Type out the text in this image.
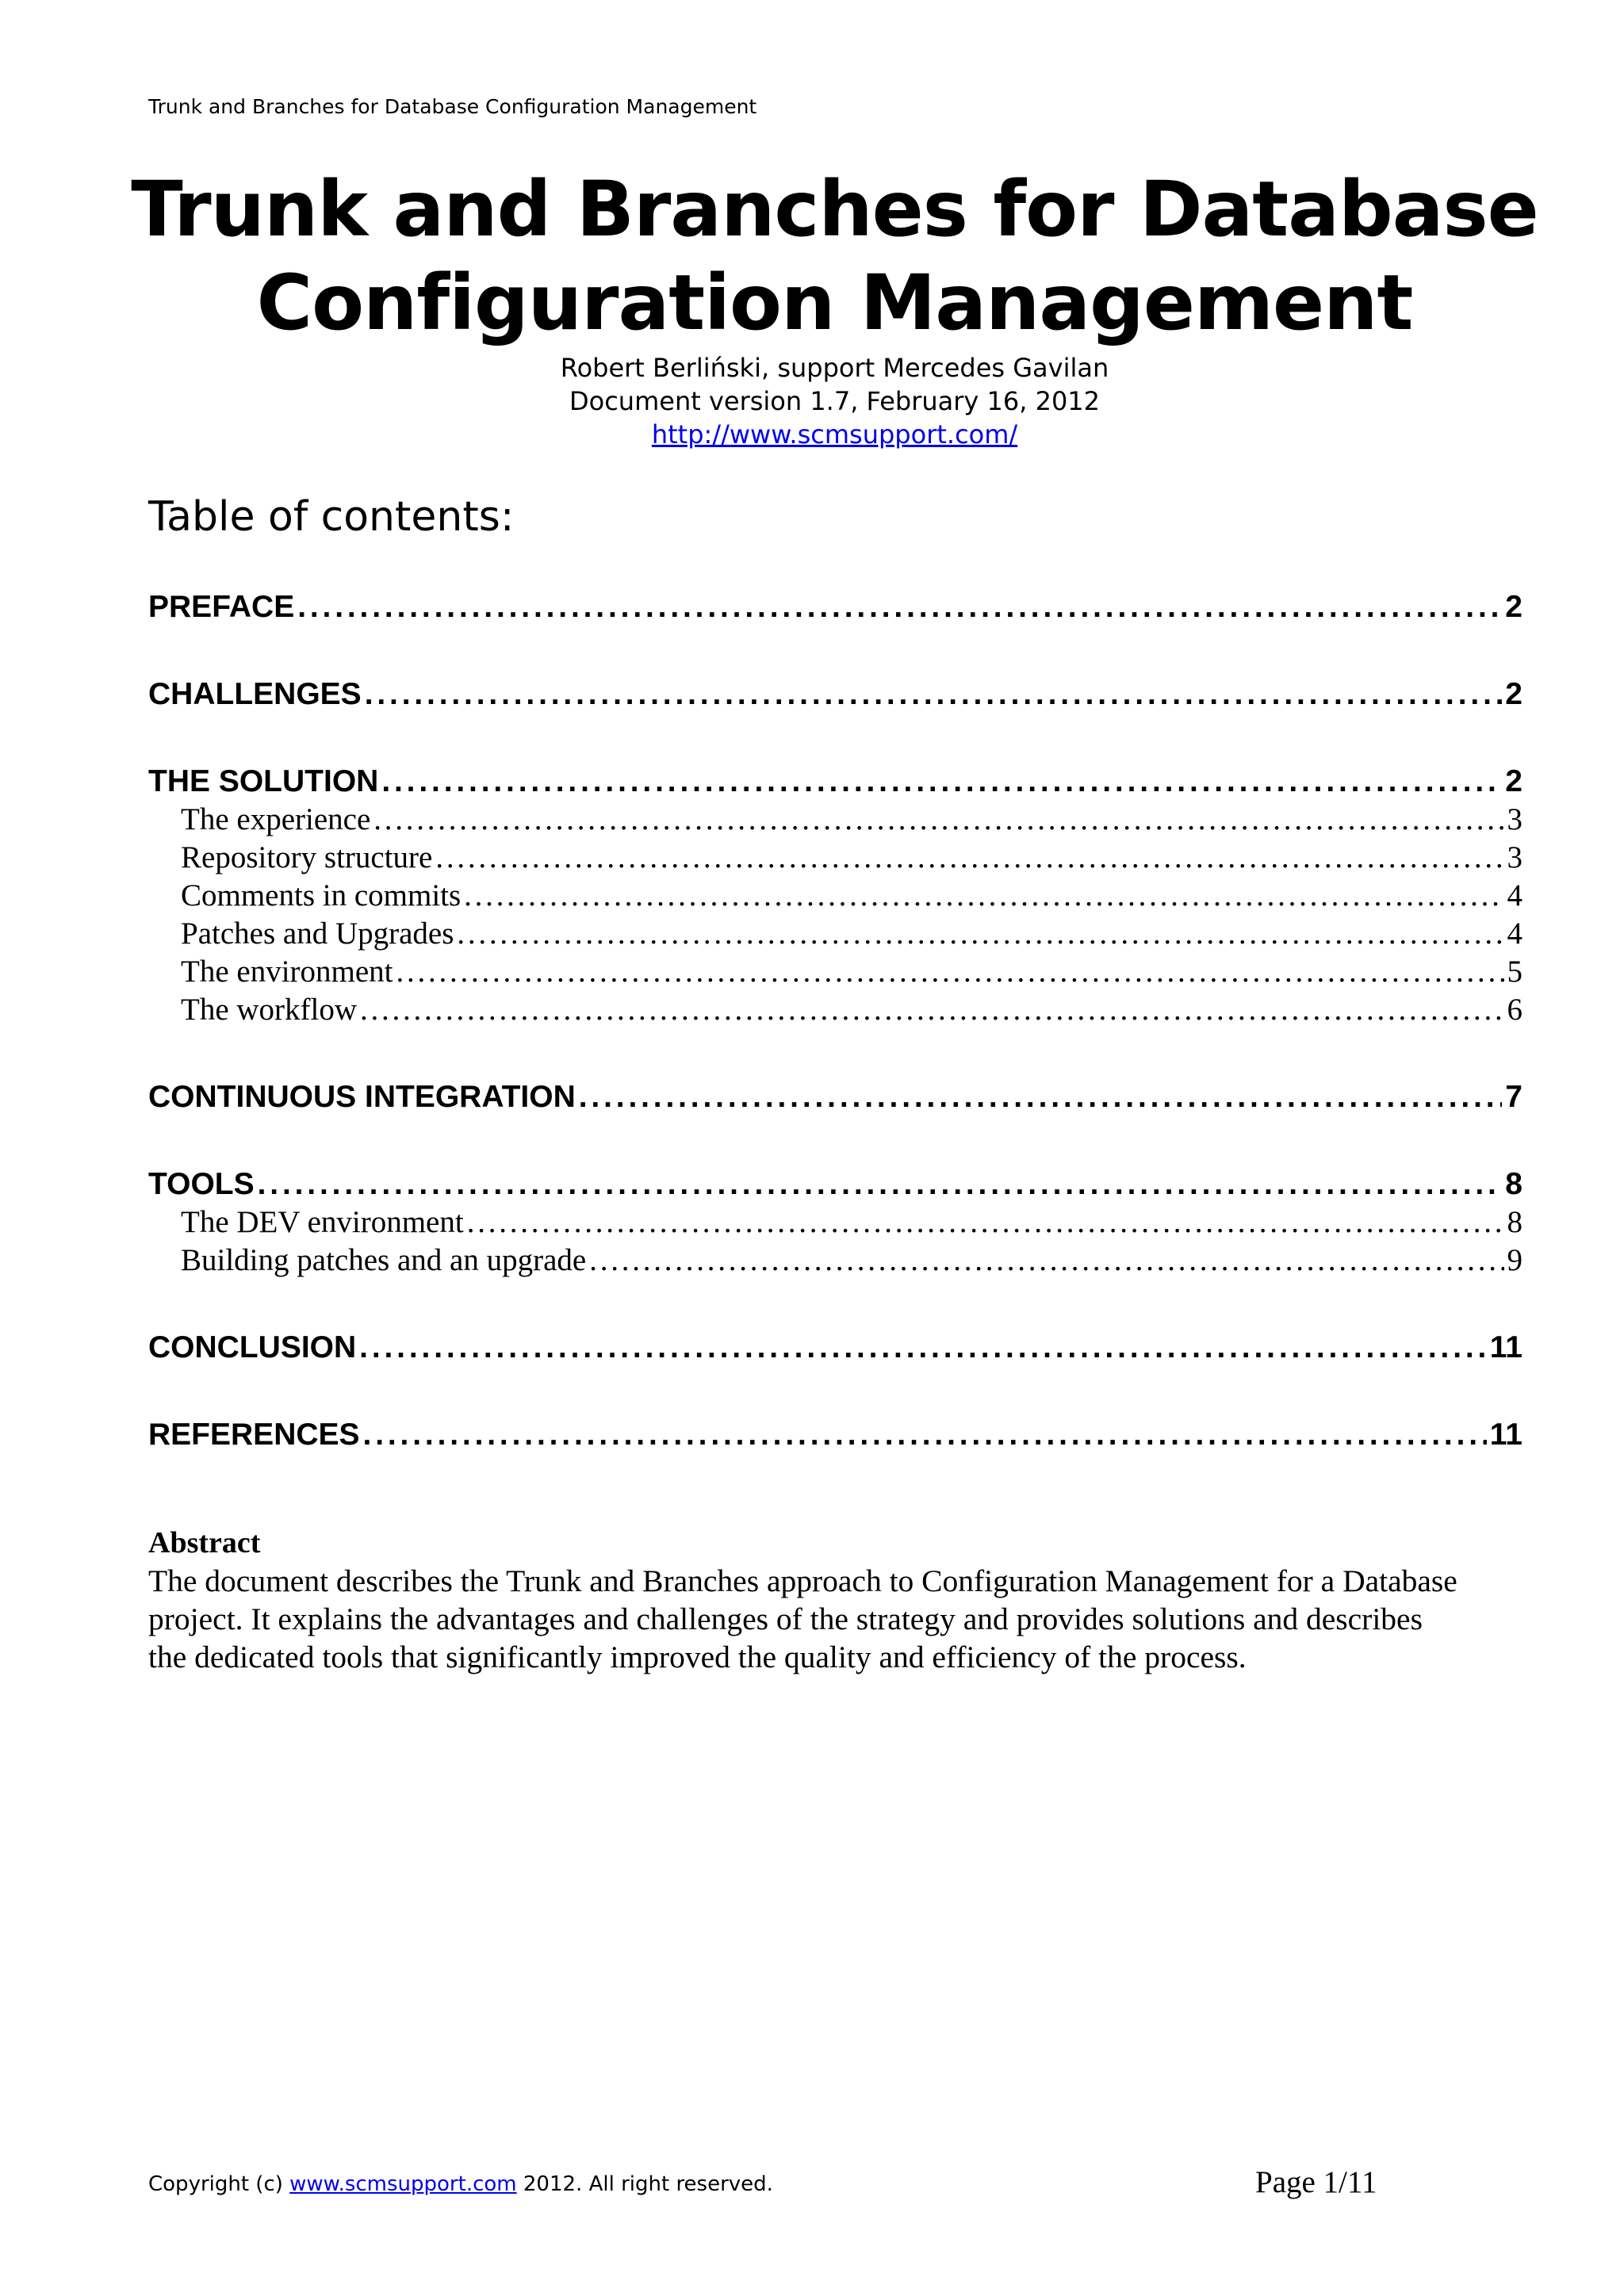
Trunk and Branches for Database Configuration Management
Trunk and Branches for Database
Configuration Management
Robert Berliński, support Mercedes Gavilan
Document version 1.7, February 16, 2012
http://www.scmsupport.com/
Table of contents:
PREFACE . . .	2
CHALLENGES . . .	2
THE SOLUTION . . .	2
The experience . . .	3
Repository structure . . .	3
Comments in commits . . .	4
Patches and Upgrades . . .	4
The environment . . .	5
The workflow . . .	6
CONTINUOUS INTEGRATION . . .	7
TOOLS . . .	8
The DEV environment . . .	8
Building patches and an upgrade . . .	9
CONCLUSION . . .	11
REFERENCES . . .	11
Abstract
The document describes the Trunk and Branches approach to Configuration Management for a Database
project. It explains the advantages and challenges of the strategy and provides solutions and describes
the dedicated tools that significantly improved the quality and efficiency of the process.
Copyright (c) www.scmsupport.com 2012. All right reserved.	Page 1/11
